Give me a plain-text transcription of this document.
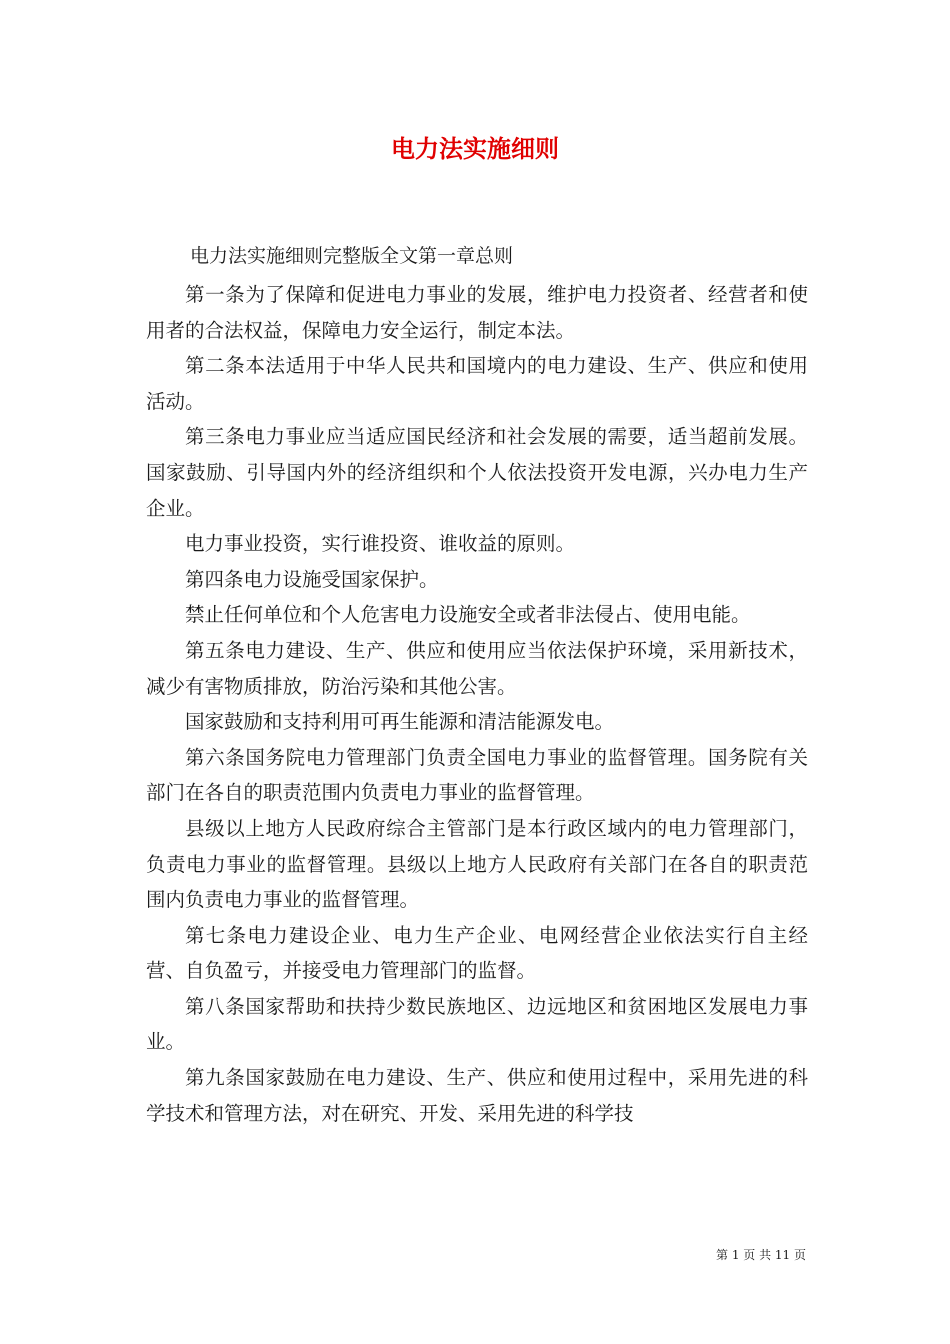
电力法实施细则

电力法实施细则完整版全文第一章总则

第一条为了保障和促进电力事业的发展，维护电力投资者、经营者和使用者的合法权益，保障电力安全运行，制定本法。

第二条本法适用于中华人民共和国境内的电力建设、生产、供应和使用活动。

第三条电力事业应当适应国民经济和社会发展的需要，适当超前发展。国家鼓励、引导国内外的经济组织和个人依法投资开发电源，兴办电力生产企业。

电力事业投资，实行谁投资、谁收益的原则。

第四条电力设施受国家保护。

禁止任何单位和个人危害电力设施安全或者非法侵占、使用电能。

第五条电力建设、生产、供应和使用应当依法保护环境，采用新技术，减少有害物质排放，防治污染和其他公害。

国家鼓励和支持利用可再生能源和清洁能源发电。

第六条国务院电力管理部门负责全国电力事业的监督管理。国务院有关部门在各自的职责范围内负责电力事业的监督管理。

县级以上地方人民政府综合主管部门是本行政区域内的电力管理部门，负责电力事业的监督管理。县级以上地方人民政府有关部门在各自的职责范围内负责电力事业的监督管理。

第七条电力建设企业、电力生产企业、电网经营企业依法实行自主经营、自负盈亏，并接受电力管理部门的监督。

第八条国家帮助和扶持少数民族地区、边远地区和贫困地区发展电力事业。

第九条国家鼓励在电力建设、生产、供应和使用过程中，采用先进的科学技术和管理方法，对在研究、开发、采用先进的科学技

第 1 页 共 11 页
